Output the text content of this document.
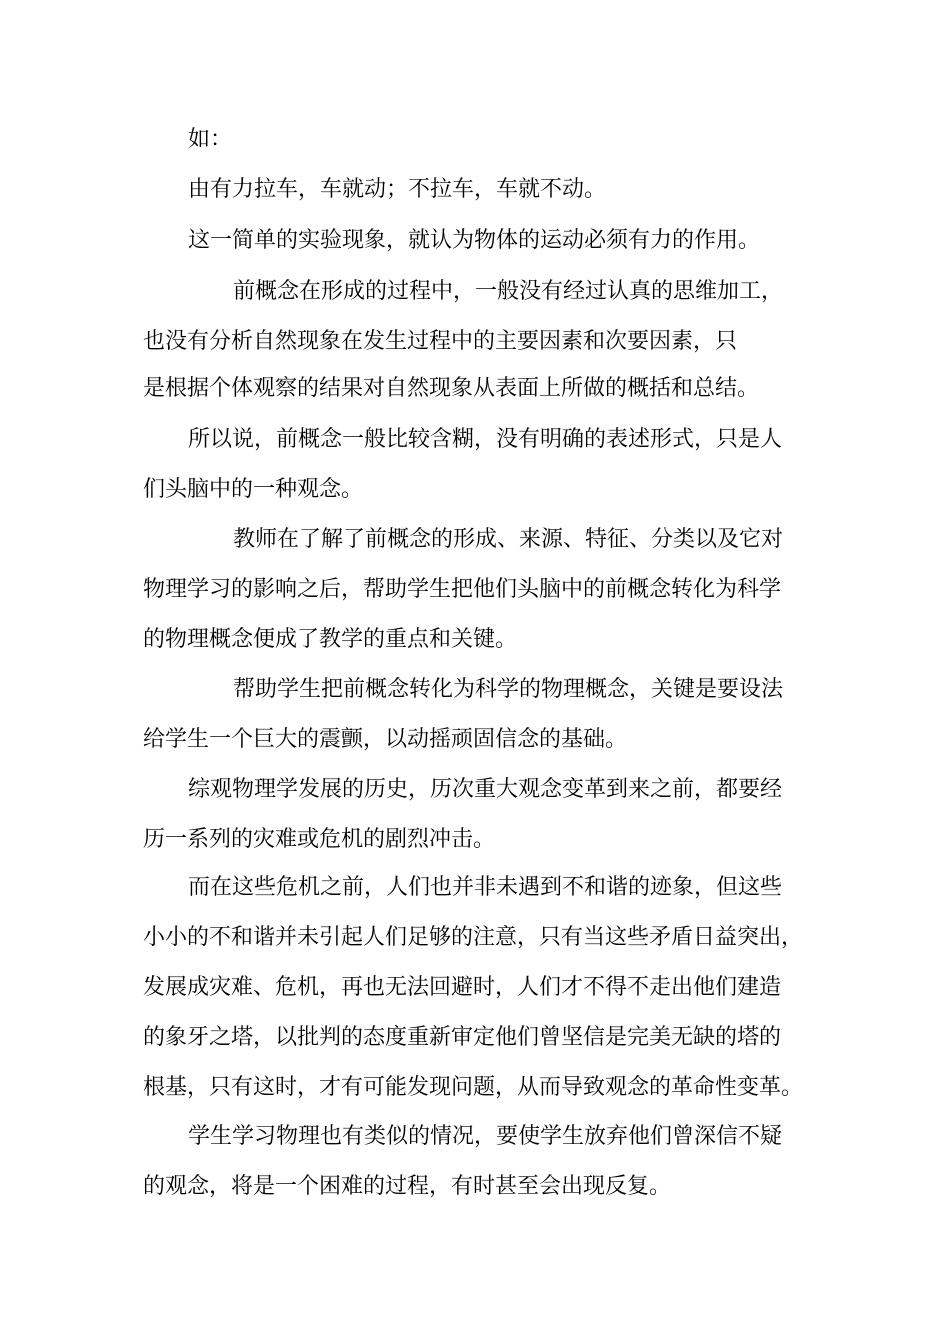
如：
由有力拉车，车就动；不拉车，车就不动。
这一简单的实验现象，就认为物体的运动必须有力的作用。
前概念在形成的过程中，一般没有经过认真的思维加工，
也没有分析自然现象在发生过程中的主要因素和次要因素，只
是根据个体观察的结果对自然现象从表面上所做的概括和总结。
所以说，前概念一般比较含糊，没有明确的表述形式，只是人
们头脑中的一种观念。
教师在了解了前概念的形成、来源、特征、分类以及它对
物理学习的影响之后，帮助学生把他们头脑中的前概念转化为科学
的物理概念便成了教学的重点和关键。
帮助学生把前概念转化为科学的物理概念，关键是要设法
给学生一个巨大的震颤，以动摇顽固信念的基础。
综观物理学发展的历史，历次重大观念变革到来之前，都要经
历一系列的灾难或危机的剧烈冲击。
而在这些危机之前，人们也并非未遇到不和谐的迹象，但这些
小小的不和谐并未引起人们足够的注意，只有当这些矛盾日益突出，
发展成灾难、危机，再也无法回避时，人们才不得不走出他们建造
的象牙之塔，以批判的态度重新审定他们曾坚信是完美无缺的塔的
根基，只有这时，才有可能发现问题，从而导致观念的革命性变革。
学生学习物理也有类似的情况，要使学生放弃他们曾深信不疑
的观念，将是一个困难的过程，有时甚至会出现反复。
